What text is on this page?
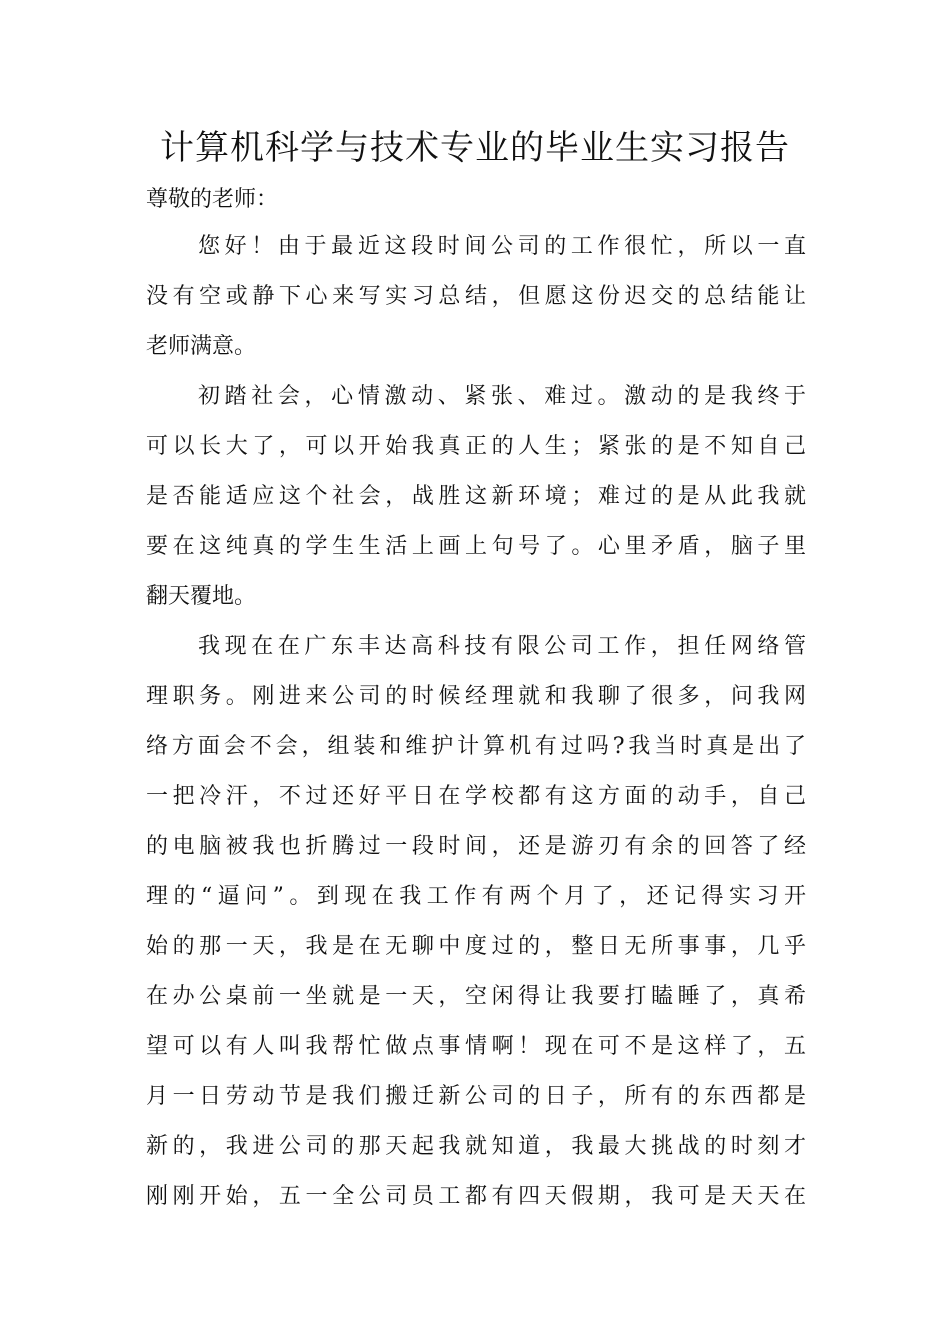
计算机科学与技术专业的毕业生实习报告
尊敬的老师：
您好！由于最近这段时间公司的工作很忙，所以一直
没有空或静下心来写实习总结，但愿这份迟交的总结能让
老师满意。
初踏社会，心情激动、紧张、难过。激动的是我终于
可以长大了，可以开始我真正的人生；紧张的是不知自己
是否能适应这个社会，战胜这新环境；难过的是从此我就
要在这纯真的学生生活上画上句号了。心里矛盾，脑子里
翻天覆地。
我现在在广东丰达高科技有限公司工作，担任网络管
理职务。刚进来公司的时候经理就和我聊了很多，问我网
络方面会不会，组装和维护计算机有过吗?我当时真是出了
一把冷汗，不过还好平日在学校都有这方面的动手，自己
的电脑被我也折腾过一段时间，还是游刃有余的回答了经
理的“逼问”。到现在我工作有两个月了，还记得实习开
始的那一天，我是在无聊中度过的，整日无所事事，几乎
在办公桌前一坐就是一天，空闲得让我要打瞌睡了，真希
望可以有人叫我帮忙做点事情啊！现在可不是这样了，五
月一日劳动节是我们搬迁新公司的日子，所有的东西都是
新的，我进公司的那天起我就知道，我最大挑战的时刻才
刚刚开始，五一全公司员工都有四天假期，我可是天天在
